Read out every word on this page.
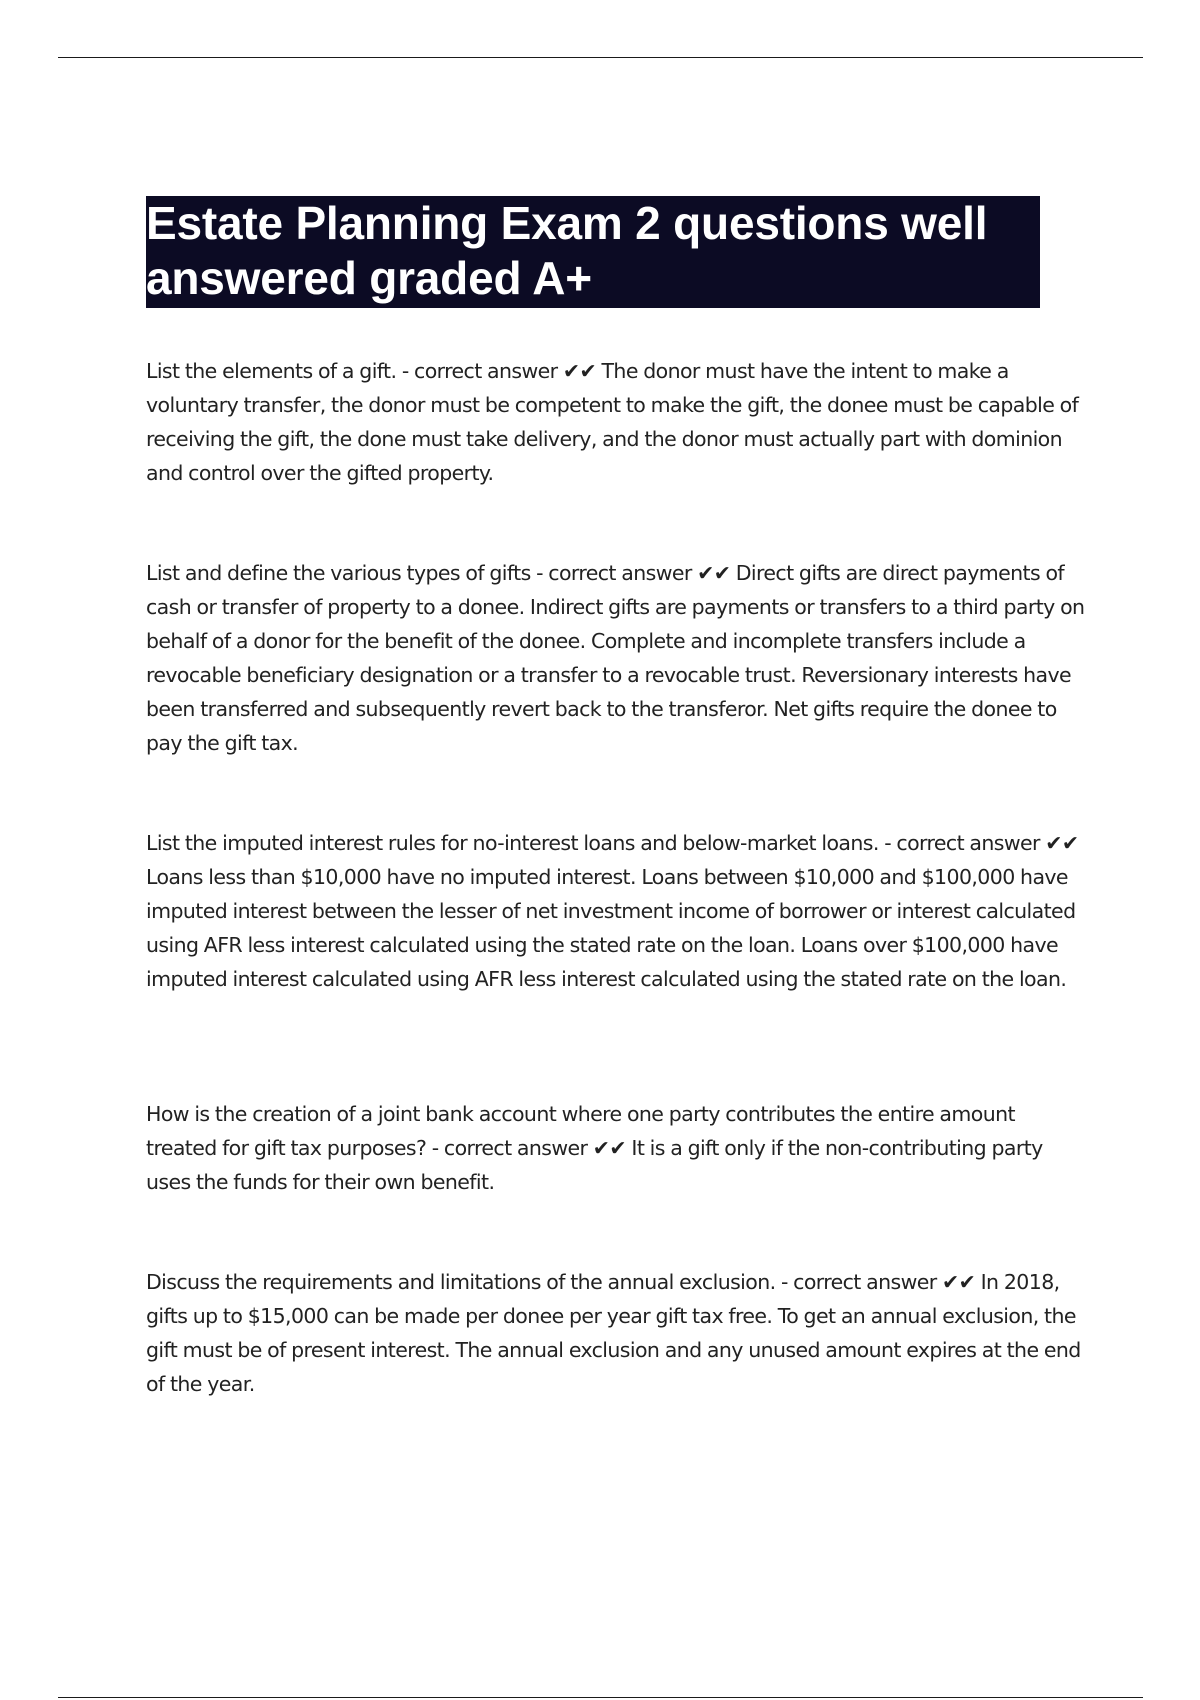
Estate Planning Exam 2 questions well
answered graded A+

List the elements of a gift. - correct answer ✔✔ The donor must have the intent to make a voluntary transfer, the donor must be competent to make the gift, the donee must be capable of receiving the gift, the done must take delivery, and the donor must actually part with dominion and control over the gifted property.

List and define the various types of gifts - correct answer ✔✔ Direct gifts are direct payments of cash or transfer of property to a donee. Indirect gifts are payments or transfers to a third party on behalf of a donor for the benefit of the donee. Complete and incomplete transfers include a revocable beneficiary designation or a transfer to a revocable trust. Reversionary interests have been transferred and subsequently revert back to the transferor. Net gifts require the donee to pay the gift tax.

List the imputed interest rules for no-interest loans and below-market loans. - correct answer ✔✔ Loans less than $10,000 have no imputed interest. Loans between $10,000 and $100,000 have imputed interest between the lesser of net investment income of borrower or interest calculated using AFR less interest calculated using the stated rate on the loan. Loans over $100,000 have imputed interest calculated using AFR less interest calculated using the stated rate on the loan.

How is the creation of a joint bank account where one party contributes the entire amount treated for gift tax purposes? - correct answer ✔✔ It is a gift only if the non-contributing party uses the funds for their own benefit.

Discuss the requirements and limitations of the annual exclusion. - correct answer ✔✔ In 2018, gifts up to $15,000 can be made per donee per year gift tax free. To get an annual exclusion, the gift must be of present interest. The annual exclusion and any unused amount expires at the end of the year.
